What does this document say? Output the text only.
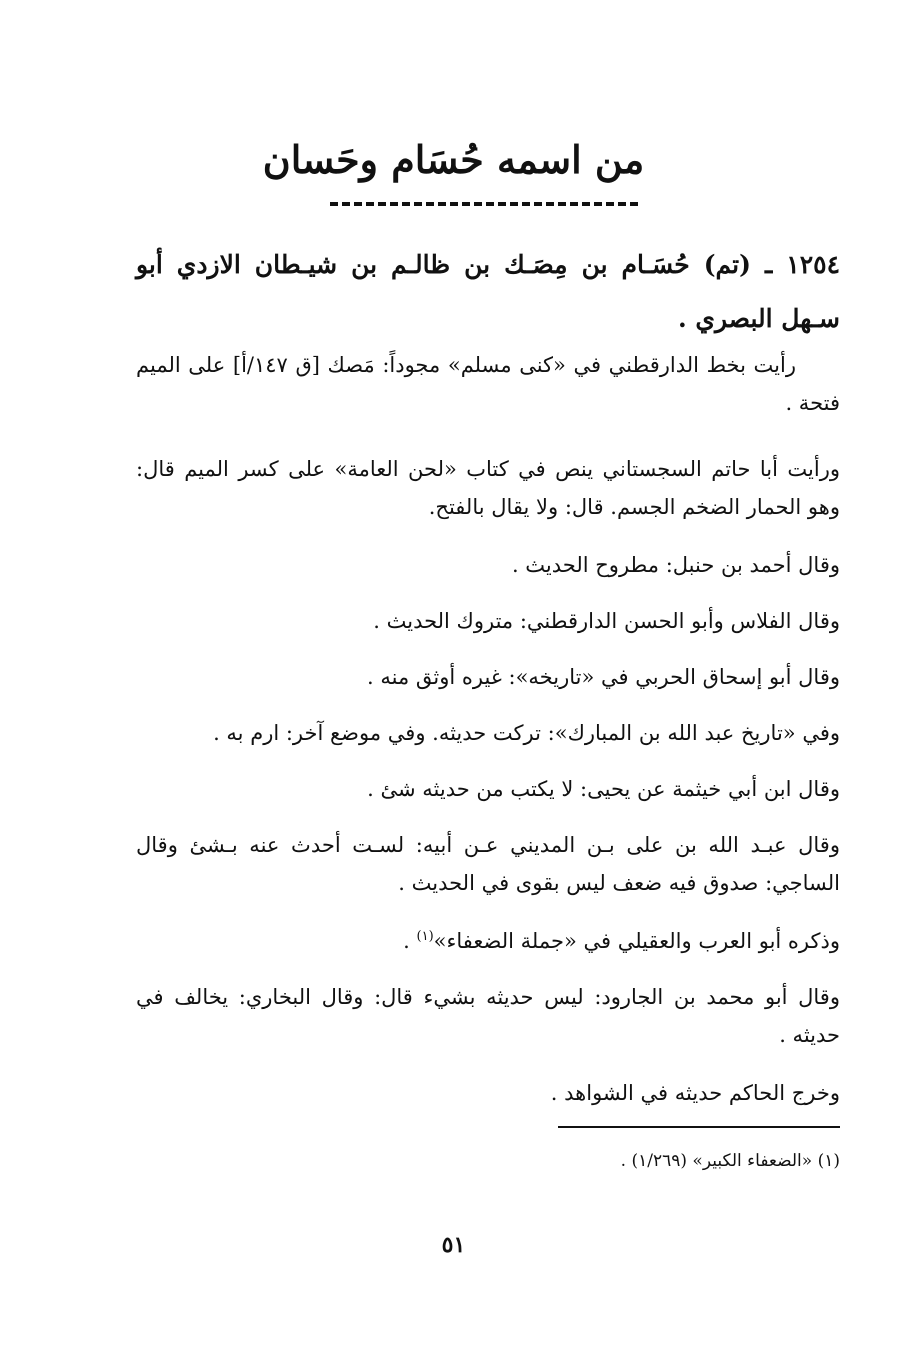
من اسمه حُسَام وحَسان
١٢٥٤ ـ (تم) حُسَـام بن مِصَـك بن ظالـم بن شيـطان الازدي أبو سـهل البصري .
رأيت بخط الدارقطني في «كنى مسلم» مجوداً: مَصك [ق ١٤٧/أ] على الميم فتحة .
ورأيت أبا حاتم السجستاني ينص في كتاب «لحن العامة» على كسر الميم قال: وهو الحمار الضخم الجسم. قال: ولا يقال بالفتح.
وقال أحمد بن حنبل: مطروح الحديث .
وقال الفلاس وأبو الحسن الدارقطني: متروك الحديث .
وقال أبو إسحاق الحربي في «تاريخه»: غيره أوثق منه .
وفي «تاريخ عبد الله بن المبارك»: تركت حديثه. وفي موضع آخر: ارم به .
وقال ابن أبي خيثمة عن يحيى: لا يكتب من حديثه شئ .
وقال عبـد الله بن على بـن المديني عـن أبيه: لسـت أحدث عنه بـشئ وقال الساجي: صدوق فيه ضعف ليس بقوى في الحديث .
وذكره أبو العرب والعقيلي في «جملة الضعفاء»$^{(١)}$ .
وقال أبو محمد بن الجارود: ليس حديثه بشيء قال: وقال البخاري: يخالف في حديثه .
وخرج الحاكم حديثه في الشواهد .
(١) «الضعفاء الكبير» (١/٢٦٩) .
٥١
